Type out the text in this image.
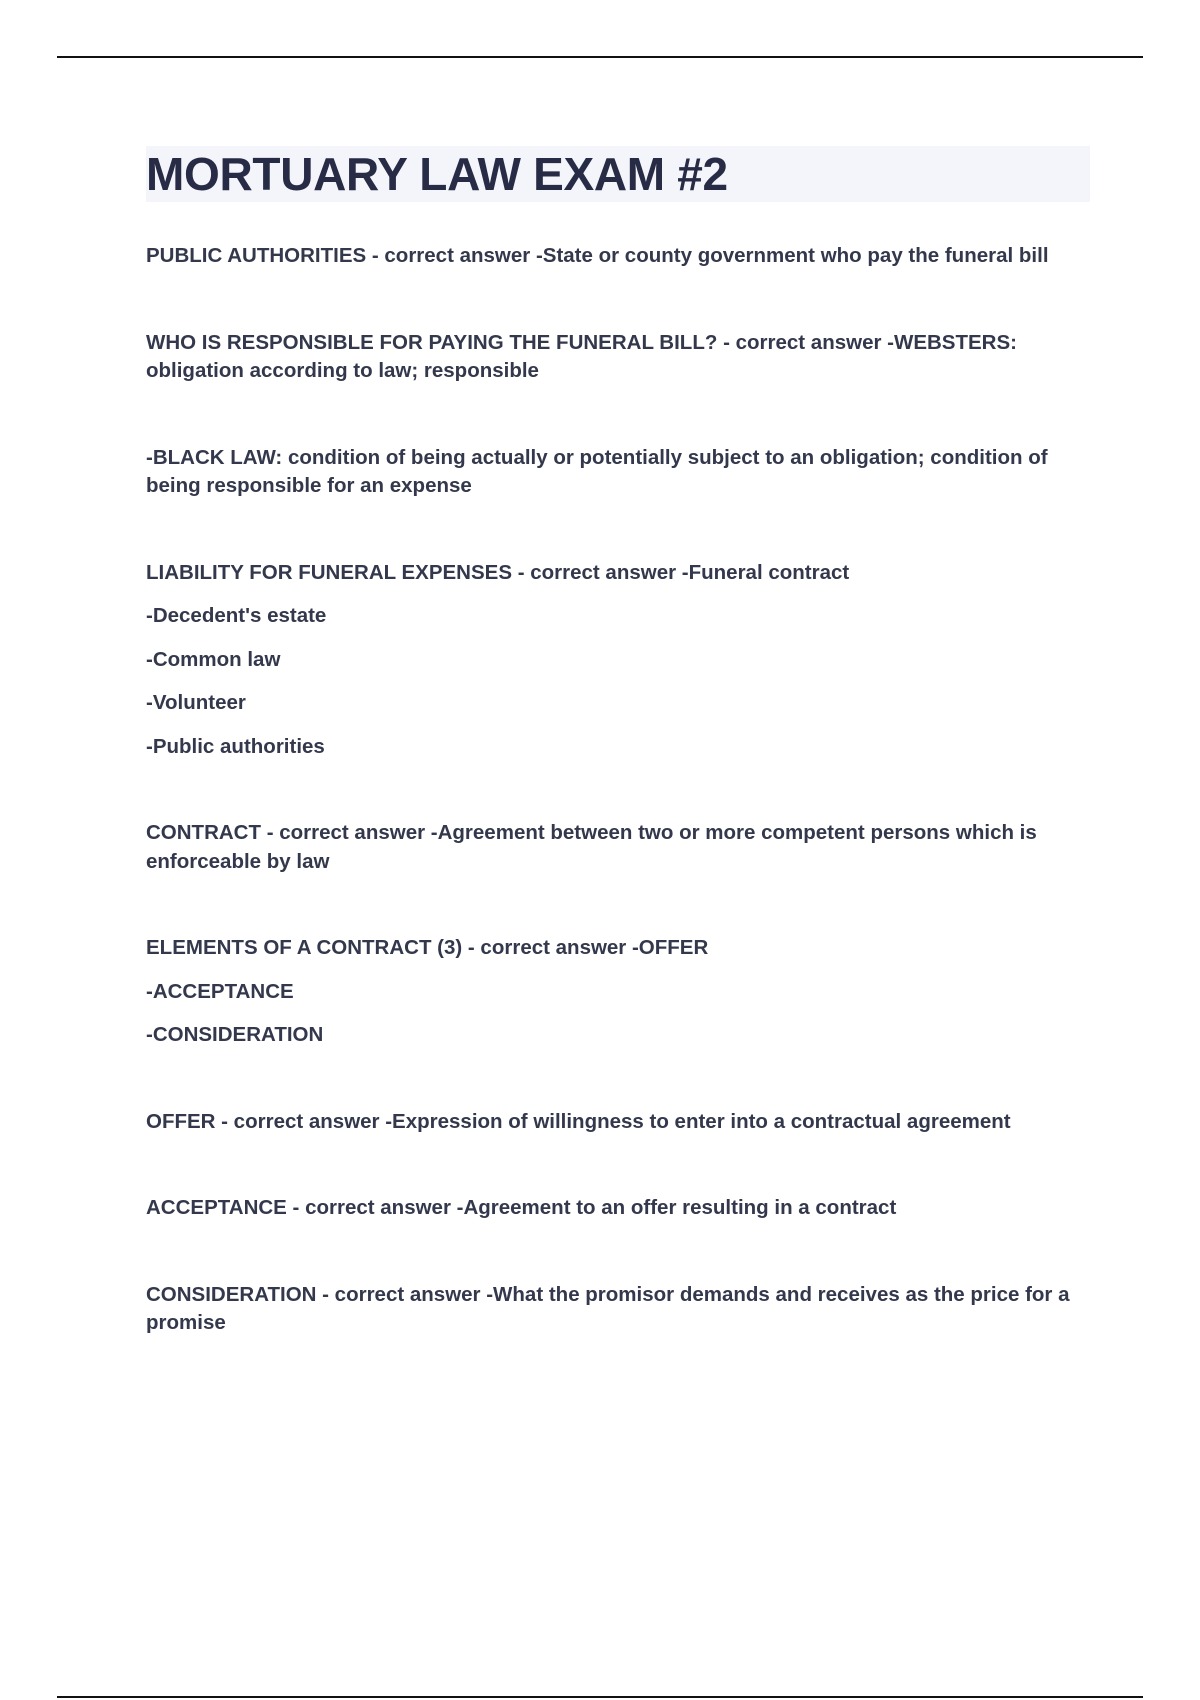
MORTUARY LAW EXAM #2

PUBLIC AUTHORITIES - correct answer -State or county government who pay the funeral bill

WHO IS RESPONSIBLE FOR PAYING THE FUNERAL BILL? - correct answer -WEBSTERS: obligation according to law; responsible

-BLACK LAW: condition of being actually or potentially subject to an obligation; condition of being responsible for an expense

LIABILITY FOR FUNERAL EXPENSES - correct answer -Funeral contract

-Decedent's estate

-Common law

-Volunteer

-Public authorities

CONTRACT - correct answer -Agreement between two or more competent persons which is enforceable by law

ELEMENTS OF A CONTRACT (3) - correct answer -OFFER

-ACCEPTANCE

-CONSIDERATION

OFFER - correct answer -Expression of willingness to enter into a contractual agreement

ACCEPTANCE - correct answer -Agreement to an offer resulting in a contract

CONSIDERATION - correct answer -What the promisor demands and receives as the price for a promise
